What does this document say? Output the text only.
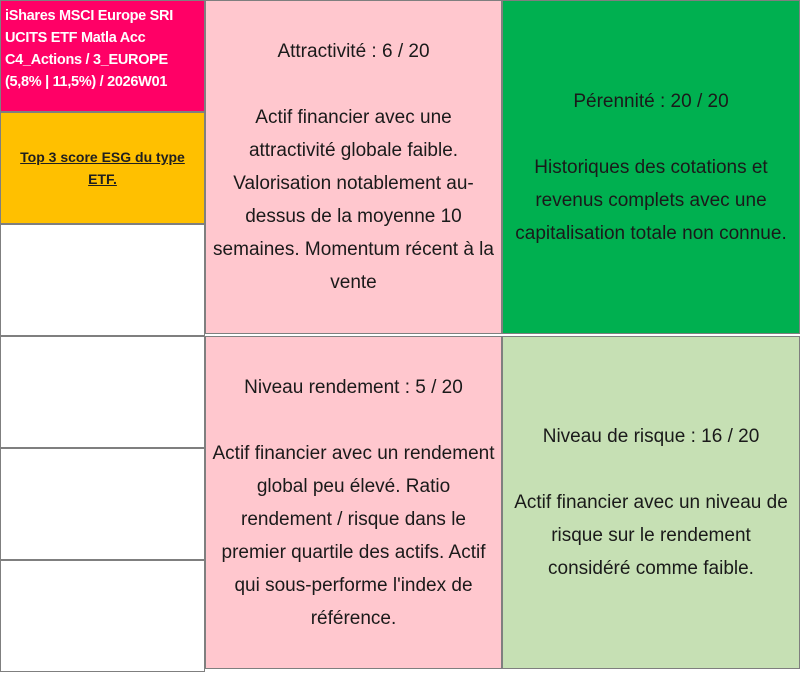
iShares MSCI Europe SRI
UCITS ETF Matla Acc
C4_Actions / 3_EUROPE
(5,8% | 11,5%) / 2026W01
Top 3 score ESG du type ETF.
Attractivité : 6 / 20
Actif financier avec une attractivité globale faible. Valorisation notablement au-dessus de la moyenne 10 semaines. Momentum récent à la vente
Pérennité : 20 / 20
Historiques des cotations et revenus complets avec une capitalisation totale non connue.
Niveau rendement : 5 / 20
Actif financier avec un rendement global peu élevé. Ratio rendement / risque dans le premier quartile des actifs. Actif qui sous-performe l'index de référence.
Niveau de risque : 16 / 20
Actif financier avec un niveau de risque sur le rendement considéré comme faible.
